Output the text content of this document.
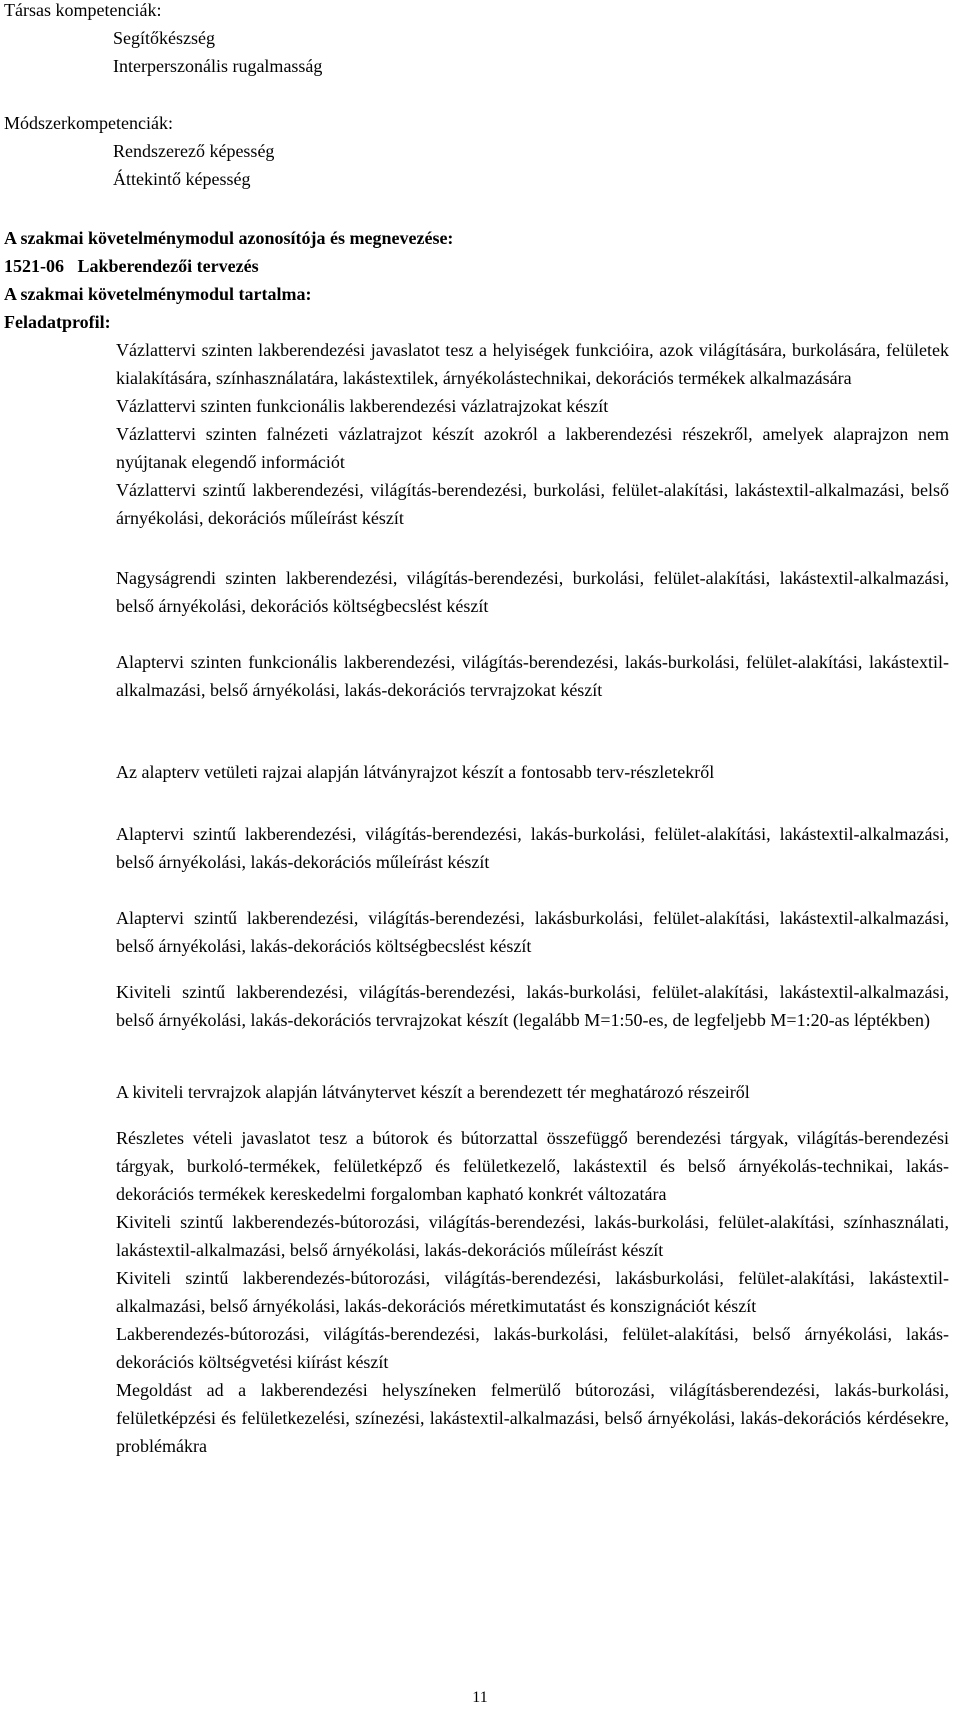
Társas kompetenciák:

Segítőkészség

Interperszonális rugalmasság

Módszerkompetenciák:

Rendszerező képesség

Áttekintő képesség

A szakmai követelménymodul azonosítója és megnevezése:

1521-06   Lakberendezői tervezés

A szakmai követelménymodul tartalma:

Feladatprofil:

Vázlattervi szinten lakberendezési javaslatot tesz a helyiségek funkcióira, azok világítására, burkolására, felületek kialakítására, színhasználatára, lakástextilek, árnyékolástechnikai, dekorációs termékek alkalmazására

Vázlattervi szinten funkcionális lakberendezési vázlatrajzokat készít

Vázlattervi szinten falnézeti vázlatrajzot készít azokról a lakberendezési részekről, amelyek alaprajzon nem nyújtanak elegendő információt

Vázlattervi szintű lakberendezési, világítás-berendezési, burkolási, felület-alakítási, lakástextil-alkalmazási, belső árnyékolási, dekorációs műleírást készít

Nagyságrendi szinten lakberendezési, világítás-berendezési, burkolási, felület-alakítási, lakástextil-alkalmazási, belső árnyékolási, dekorációs költségbecslést készít

Alaptervi szinten funkcionális lakberendezési, világítás-berendezési, lakás-burkolási, felület-alakítási, lakástextil-alkalmazási, belső árnyékolási, lakás-dekorációs tervrajzokat készít

Az alapterv vetületi rajzai alapján látványrajzot készít a fontosabb terv-részletekről

Alaptervi szintű lakberendezési, világítás-berendezési, lakás-burkolási, felület-alakítási, lakástextil-alkalmazási, belső árnyékolási, lakás-dekorációs műleírást készít

Alaptervi szintű lakberendezési, világítás-berendezési, lakásburkolási, felület-alakítási, lakástextil-alkalmazási, belső árnyékolási, lakás-dekorációs költségbecslést készít

Kiviteli szintű lakberendezési, világítás-berendezési, lakás-burkolási, felület-alakítási, lakástextil-alkalmazási, belső árnyékolási, lakás-dekorációs tervrajzokat készít (legalább M=1:50-es, de legfeljebb M=1:20-as léptékben)

A kiviteli tervrajzok alapján látványtervet készít a berendezett tér meghatározó részeiről

Részletes vételi javaslatot tesz a bútorok és bútorzattal összefüggő berendezési tárgyak, világítás-berendezési tárgyak, burkoló-termékek, felületképző és felületkezelő, lakástextil és belső árnyékolás-technikai, lakás-dekorációs termékek kereskedelmi forgalomban kapható konkrét változatára

Kiviteli szintű lakberendezés-bútorozási, világítás-berendezési, lakás-burkolási, felület-alakítási, színhasználati, lakástextil-alkalmazási, belső árnyékolási, lakás-dekorációs műleírást készít

Kiviteli szintű lakberendezés-bútorozási, világítás-berendezési, lakásburkolási, felület-alakítási, lakástextil-alkalmazási, belső árnyékolási, lakás-dekorációs méretkimutatást és konszignációt készít

Lakberendezés-bútorozási, világítás-berendezési, lakás-burkolási, felület-alakítási, belső árnyékolási, lakás-dekorációs költségvetési kiírást készít

Megoldást ad a lakberendezési helyszíneken felmerülő bútorozási, világításberendezési, lakás-burkolási, felületképzési és felületkezelési, színezési, lakástextil-alkalmazási, belső árnyékolási, lakás-dekorációs kérdésekre, problémákra

11
